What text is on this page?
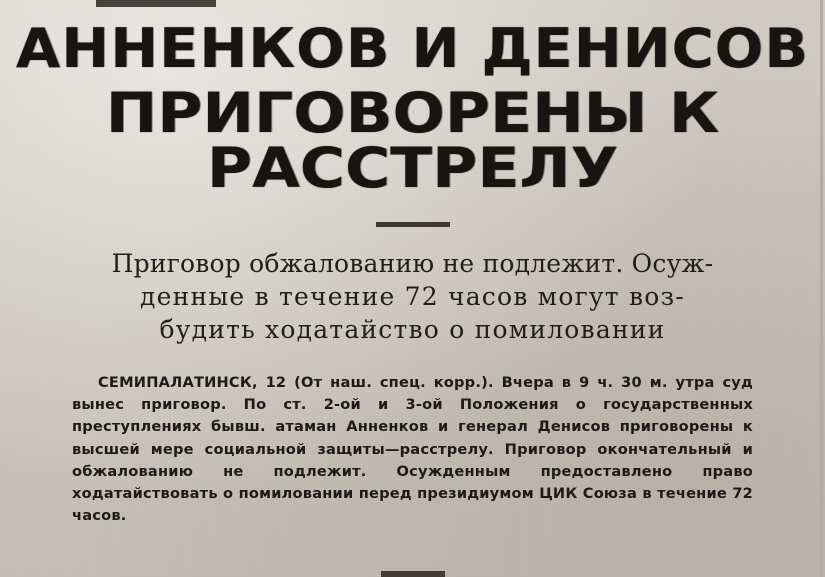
АННЕНКОВ И ДЕНИСОВ
ПРИГОВОРЕНЫ К РАССТРЕЛУ
Приговор обжалованию не подлежит. Осуж-
денные в течение 72 часов могут воз-
будить ходатайство о помиловании

СЕМИПАЛАТИНСК, 12 (От наш. спец. корр.). Вчера в 9 ч. 30 м. утра суд вынес приговор. По ст. 2-ой и 3-ой Положения о государственных преступлениях бывш. атаман Анненков и генерал Денисов приговорены к высшей мере социальной защиты—расстрелу. Приговор окончательный и обжалованию не подлежит. Осужденным предоставлено право ходатайствовать о помиловании перед президиумом ЦИК Союза в течение 72 часов.
